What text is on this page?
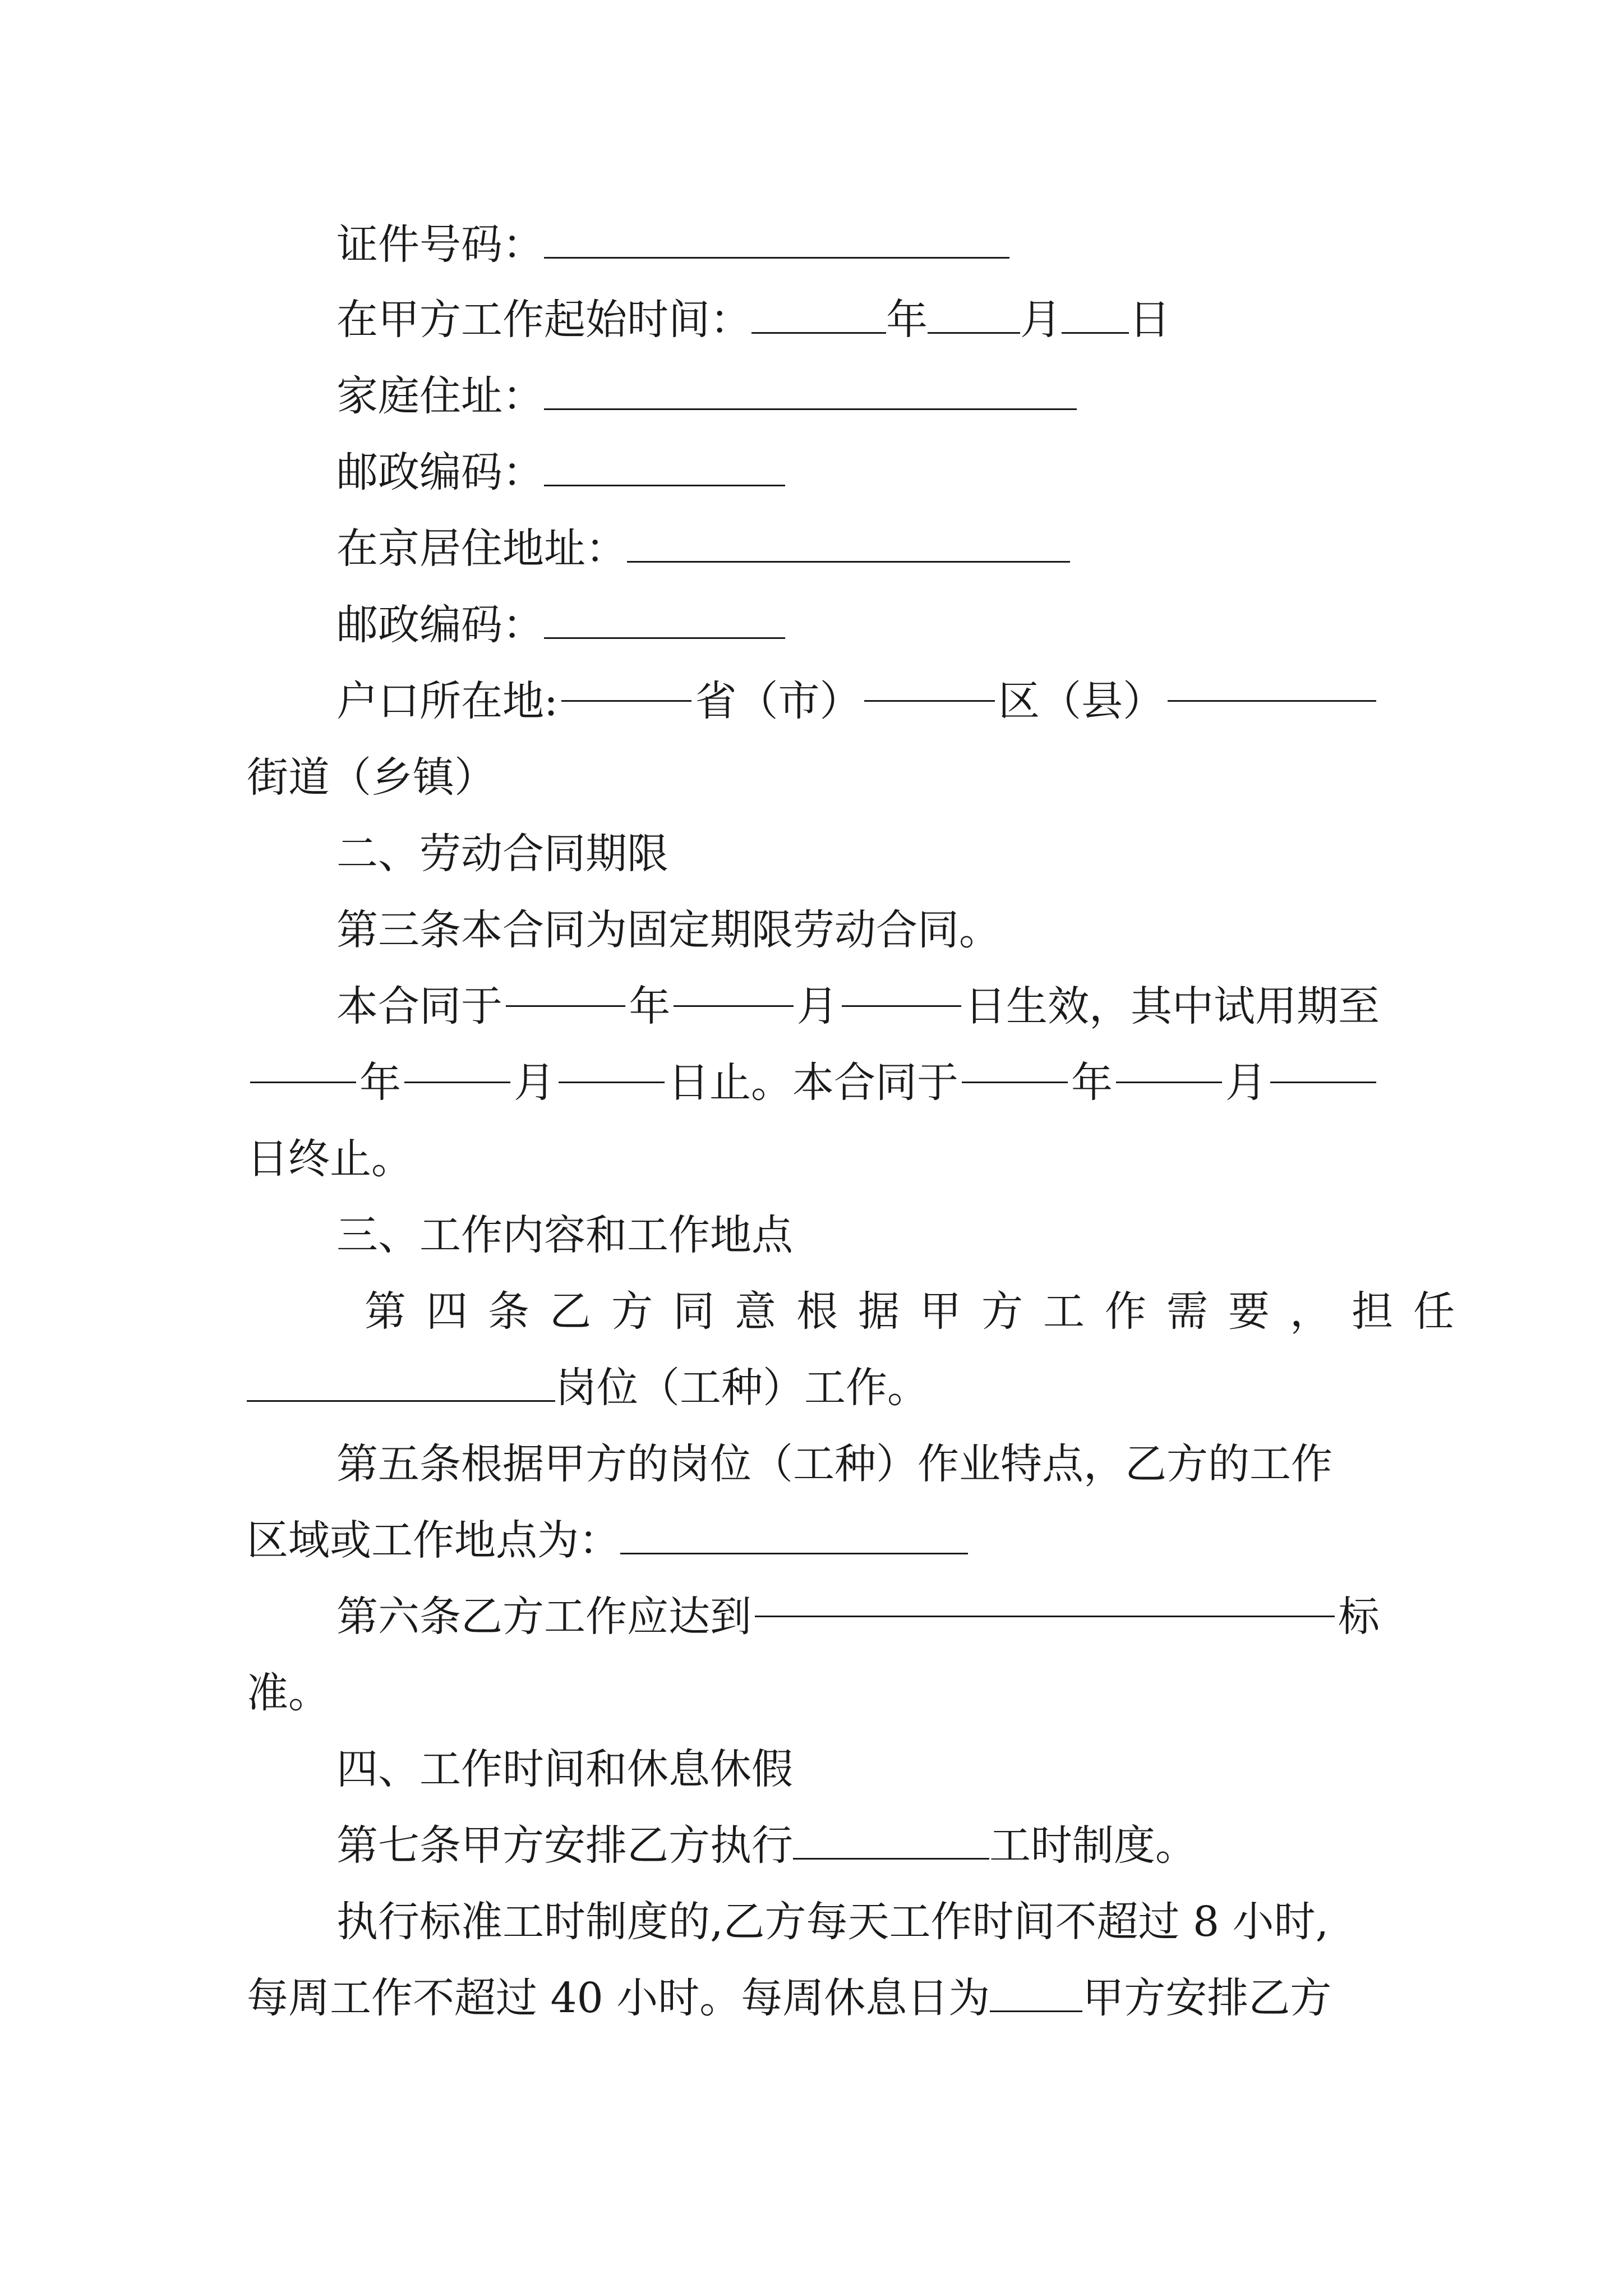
证件号码：
在甲方工作起始时间：	年 月 日
家庭住址：
邮政编码：
在京居住地址：
邮政编码：
户口所在地:	省（市）	区（县）
街道（乡镇）
二、劳动合同期限
第三条本合同为固定期限劳动合同。
本合同于	年	月	日生效，其中试用期至
年	月	日止。本合同于	年	月
日终止。
三、工作内容和工作地点
第四条乙方同意根据甲方工作需要，担任
岗位（工种）工作。
第五条根据甲方的岗位（工种）作业特点，乙方的工作
区域或工作地点为：
第六条乙方工作应达到	标
准。
四、工作时间和休息休假
第七条甲方安排乙方执行	工时制度。
执行标准工时制度的,乙方每天工作时间不超过 8 小时,
每周工作不超过 40 小时。每周休息日为 甲方安排乙方
